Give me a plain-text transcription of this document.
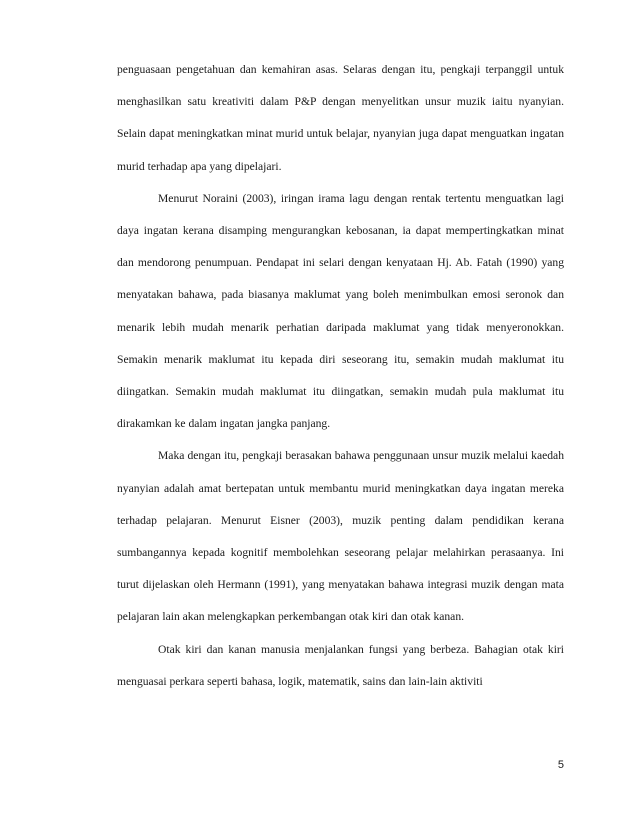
penguasaan pengetahuan dan kemahiran asas. Selaras dengan itu, pengkaji terpanggil untuk menghasilkan satu kreativiti dalam P&P dengan menyelitkan unsur muzik iaitu nyanyian. Selain dapat meningkatkan minat murid untuk belajar, nyanyian juga dapat menguatkan ingatan murid terhadap apa yang dipelajari.

Menurut Noraini (2003), iringan irama lagu dengan rentak tertentu menguatkan lagi daya ingatan kerana disamping mengurangkan kebosanan, ia dapat mempertingkatkan minat dan mendorong penumpuan. Pendapat ini selari dengan kenyataan Hj. Ab. Fatah (1990) yang menyatakan bahawa, pada biasanya maklumat yang boleh menimbulkan emosi seronok dan menarik lebih mudah menarik perhatian daripada maklumat yang tidak menyeronokkan. Semakin menarik maklumat itu kepada diri seseorang itu, semakin mudah maklumat itu diingatkan. Semakin mudah maklumat itu diingatkan, semakin mudah pula maklumat itu dirakamkan ke dalam ingatan jangka panjang.

Maka dengan itu, pengkaji berasakan bahawa penggunaan unsur muzik melalui kaedah nyanyian adalah amat bertepatan untuk membantu murid meningkatkan daya ingatan mereka terhadap pelajaran. Menurut Eisner (2003), muzik penting dalam pendidikan kerana sumbangannya kepada kognitif membolehkan seseorang pelajar melahirkan perasaanya. Ini turut dijelaskan oleh Hermann (1991), yang menyatakan bahawa integrasi muzik dengan mata pelajaran lain akan melengkapkan perkembangan otak kiri dan otak kanan.

Otak kiri dan kanan manusia menjalankan fungsi yang berbeza. Bahagian otak kiri menguasai perkara seperti bahasa, logik, matematik, sains dan lain-lain aktiviti

5
